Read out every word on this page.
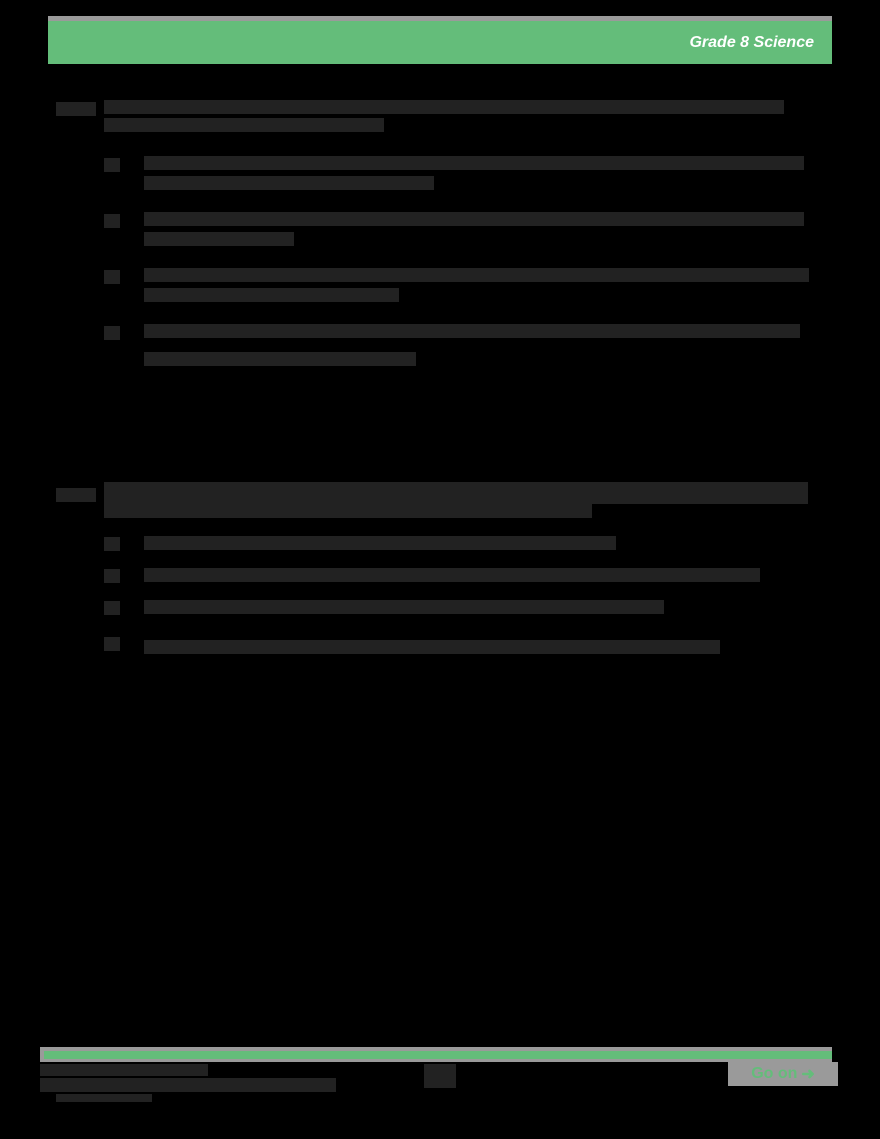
Grade 8 Science
Go on ➜
